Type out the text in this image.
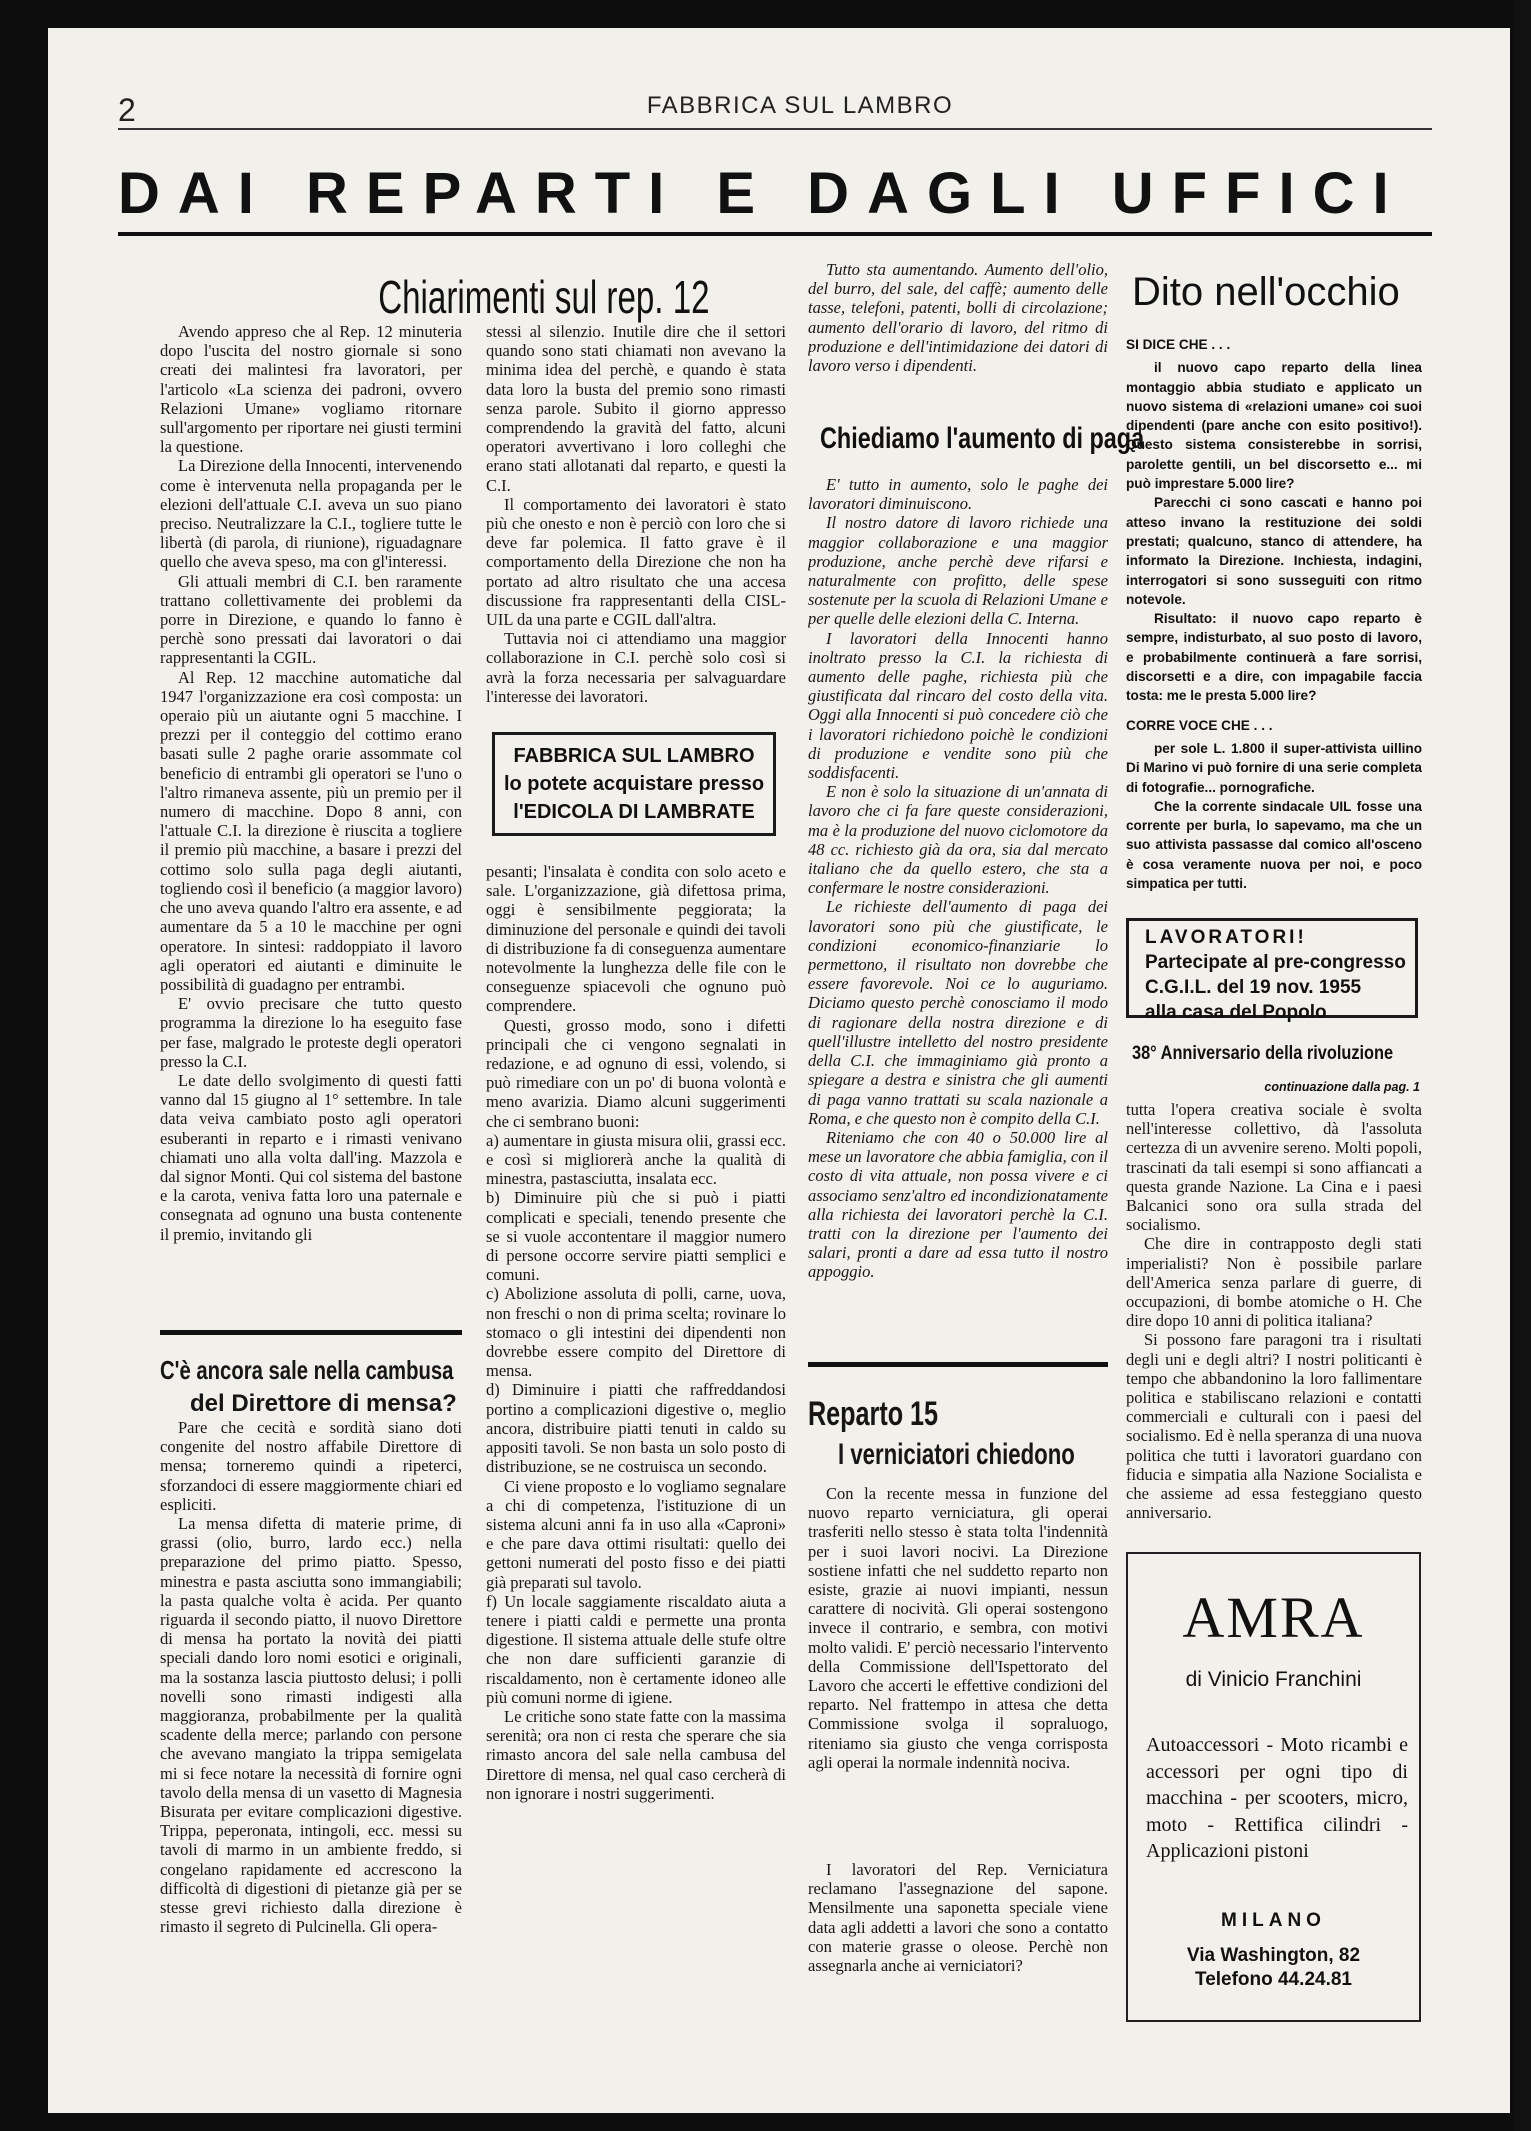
2	FABBRICA SUL LAMBRO
DAI REPARTI E DAGLI UFFICI
Chiarimenti sul rep. 12

Avendo appreso che al Rep. 12 minuteria dopo l'uscita del nostro giornale si sono creati dei malintesi fra lavoratori, per l'articolo «La scienza dei padroni, ovvero Relazioni Umane» vogliamo ritornare sull'argomento per riportare nei giusti termini la questione.

La Direzione della Innocenti, intervenendo come è intervenuta nella propaganda per le elezioni dell'attuale C.I. aveva un suo piano preciso. Neutralizzare la C.I., togliere tutte le libertà (di parola, di riunione), riguadagnare quello che aveva speso, ma con gl'interessi.

Gli attuali membri di C.I. ben raramente trattano collettivamente dei problemi da porre in Direzione, e quando lo fanno è perchè sono pressati dai lavoratori o dai rappresentanti la CGIL.

Al Rep. 12 macchine automatiche dal 1947 l'organizzazione era così composta: un operaio più un aiutante ogni 5 macchine. I prezzi per il conteggio del cottimo erano basati sulle 2 paghe orarie assommate col beneficio di entrambi gli operatori se l'uno o l'altro rimaneva assente, più un premio per il numero di macchine. Dopo 8 anni, con l'attuale C.I. la direzione è riuscita a togliere il premio più macchine, a basare i prezzi del cottimo solo sulla paga degli aiutanti, togliendo così il beneficio (a maggior lavoro) che uno aveva quando l'altro era assente, e ad aumentare da 5 a 10 le macchine per ogni operatore. In sintesi: raddoppiato il lavoro agli operatori ed aiutanti e diminuite le possibilità di guadagno per entrambi.

E' ovvio precisare che tutto questo programma la direzione lo ha eseguito fase per fase, malgrado le proteste degli operatori presso la C.I.

Le date dello svolgimento di questi fatti vanno dal 15 giugno al 1° settembre. In tale data veiva cambiato posto agli operatori esuberanti in reparto e i rimasti venivano chiamati uno alla volta dall'ing. Mazzola e dal signor Monti. Qui col sistema del bastone e la carota, veniva fatta loro una paternale e consegnata ad ognuno una busta contenente il premio, invitando gli

stessi al silenzio. Inutile dire che il settori quando sono stati chiamati non avevano la minima idea del perchè, e quando è stata data loro la busta del premio sono rimasti senza parole. Subito il giorno appresso comprendendo la gravità del fatto, alcuni operatori avvertivano i loro colleghi che erano stati allotanati dal reparto, e questi la C.I.

Il comportamento dei lavoratori è stato più che onesto e non è perciò con loro che si deve far polemica. Il fatto grave è il comportamento della Direzione che non ha portato ad altro risultato che una accesa discussione fra rappresentanti della CISL-UIL da una parte e CGIL dall'altra.

Tuttavia noi ci attendiamo una maggior collaborazione in C.I. perchè solo così si avrà la forza necessaria per salvaguardare l'interesse dei lavoratori.

FABBRICA SUL LAMBRO
lo potete acquistare presso
l'EDICOLA DI LAMBRATE
C'è ancora sale nella cambusa
del Direttore di mensa?

Pare che cecità e sordità siano doti congenite del nostro affabile Direttore di mensa; torneremo quindi a ripeterci, sforzandoci di essere maggiormente chiari ed espliciti.

La mensa difetta di materie prime, di grassi (olio, burro, lardo ecc.) nella preparazione del primo piatto. Spesso, minestra e pasta asciutta sono immangiabili; la pasta qualche volta è acida. Per quanto riguarda il secondo piatto, il nuovo Direttore di mensa ha portato la novità dei piatti speciali dando loro nomi esotici e originali, ma la sostanza lascia piuttosto delusi; i polli novelli sono rimasti indigesti alla maggioranza, probabilmente per la qualità scadente della merce; parlando con persone che avevano mangiato la trippa semigelata mi si fece notare la necessità di fornire ogni tavolo della mensa di un vasetto di Magnesia Bisurata per evitare complicazioni digestive. Trippa, peperonata, intingoli, ecc. messi su tavoli di marmo in un ambiente freddo, si congelano rapidamente ed accrescono la difficoltà di digestioni di pietanze già per se stesse grevi richiesto dalla direzione è rimasto il segreto di Pulcinella. Gli opera-

pesanti; l'insalata è condita con solo aceto e sale. L'organizzazione, già difettosa prima, oggi è sensibilmente peggiorata; la diminuzione del personale e quindi dei tavoli di distribuzione fa di conseguenza aumentare notevolmente la lunghezza delle file con le conseguenze spiacevoli che ognuno può comprendere.

Questi, grosso modo, sono i difetti principali che ci vengono segnalati in redazione, e ad ognuno di essi, volendo, si può rimediare con un po' di buona volontà e meno avarizia. Diamo alcuni suggerimenti che ci sembrano buoni:

a) aumentare in giusta misura olii, grassi ecc. e così si migliorerà anche la qualità di minestra, pastasciutta, insalata ecc.

b) Diminuire più che si può i piatti complicati e speciali, tenendo presente che se si vuole accontentare il maggior numero di persone occorre servire piatti semplici e comuni.

c) Abolizione assoluta di polli, carne, uova, non freschi o non di prima scelta; rovinare lo stomaco o gli intestini dei dipendenti non dovrebbe essere compito del Direttore di mensa.

d) Diminuire i piatti che raffreddandosi portino a complicazioni digestive o, meglio ancora, distribuire piatti tenuti in caldo su appositi tavoli. Se non basta un solo posto di distribuzione, se ne costruisca un secondo.

Ci viene proposto e lo vogliamo segnalare a chi di competenza, l'istituzione di un sistema alcuni anni fa in uso alla «Caproni» e che pare dava ottimi risultati: quello dei gettoni numerati del posto fisso e dei piatti già preparati sul tavolo.

f) Un locale saggiamente riscaldato aiuta a tenere i piatti caldi e permette una pronta digestione. Il sistema attuale delle stufe oltre che non dare sufficienti garanzie di riscaldamento, non è certamente idoneo alle più comuni norme di igiene.

Le critiche sono state fatte con la massima serenità; ora non ci resta che sperare che sia rimasto ancora del sale nella cambusa del Direttore di mensa, nel qual caso cercherà di non ignorare i nostri suggerimenti.

Tutto sta aumentando. Aumento dell'olio, del burro, del sale, del caffè; aumento delle tasse, telefoni, patenti, bolli di circolazione; aumento dell'orario di lavoro, del ritmo di produzione e dell'intimidazione dei datori di lavoro verso i dipendenti.

Chiediamo l'aumento di paga

E' tutto in aumento, solo le paghe dei lavoratori diminuiscono.

Il nostro datore di lavoro richiede una maggior collaborazione e una maggior produzione, anche perchè deve rifarsi e naturalmente con profitto, delle spese sostenute per la scuola di Relazioni Umane e per quelle delle elezioni della C. Interna.

I lavoratori della Innocenti hanno inoltrato presso la C.I. la richiesta di aumento delle paghe, richiesta più che giustificata dal rincaro del costo della vita. Oggi alla Innocenti si può concedere ciò che i lavoratori richiedono poichè le condizioni di produzione e vendite sono più che soddisfacenti.

E non è solo la situazione di un'annata di lavoro che ci fa fare queste considerazioni, ma è la produzione del nuovo ciclomotore da 48 cc. richiesto già da ora, sia dal mercato italiano che da quello estero, che sta a confermare le nostre considerazioni.

Le richieste dell'aumento di paga dei lavoratori sono più che giustificate, le condizioni economico-finanziarie lo permettono, il risultato non dovrebbe che essere favorevole. Noi ce lo auguriamo. Diciamo questo perchè conosciamo il modo di ragionare della nostra direzione e di quell'illustre intelletto del nostro presidente della C.I. che immaginiamo già pronto a spiegare a destra e sinistra che gli aumenti di paga vanno trattati su scala nazionale a Roma, e che questo non è compito della C.I.

Riteniamo che con 40 o 50.000 lire al mese un lavoratore che abbia famiglia, con il costo di vita attuale, non possa vivere e ci associamo senz'altro ed incondizionatamente alla richiesta dei lavoratori perchè la C.I. tratti con la direzione per l'aumento dei salari, pronti a dare ad essa tutto il nostro appoggio.

Reparto 15
I verniciatori chiedono

Con la recente messa in funzione del nuovo reparto verniciatura, gli operai trasferiti nello stesso è stata tolta l'indennità per i suoi lavori nocivi. La Direzione sostiene infatti che nel suddetto reparto non esiste, grazie ai nuovi impianti, nessun carattere di nocività. Gli operai sostengono invece il contrario, e sembra, con motivi molto validi. E' perciò necessario l'intervento della Commissione dell'Ispettorato del Lavoro che accerti le effettive condizioni del reparto. Nel frattempo in attesa che detta Commissione svolga il sopraluogo, riteniamo sia giusto che venga corrisposta agli operai la normale indennità nociva.

I lavoratori del Rep. Verniciatura reclamano l'assegnazione del sapone. Mensilmente una saponetta speciale viene data agli addetti a lavori che sono a contatto con materie grasse o oleose. Perchè non assegnarla anche ai verniciatori?

Dito nell'occhio

SI DICE CHE . . .

il nuovo capo reparto della linea montaggio abbia studiato e applicato un nuovo sistema di «relazioni umane» coi suoi dipendenti (pare anche con esito positivo!). Questo sistema consisterebbe in sorrisi, parolette gentili, un bel discorsetto e... mi può imprestare 5.000 lire?

Parecchi ci sono cascati e hanno poi atteso invano la restituzione dei soldi prestati; qualcuno, stanco di attendere, ha informato la Direzione. Inchiesta, indagini, interrogatori si sono susseguiti con ritmo notevole.

Risultato: il nuovo capo reparto è sempre, indisturbato, al suo posto di lavoro, e probabilmente continuerà a fare sorrisi, discorsetti e a dire, con impagabile faccia tosta: me le presta 5.000 lire?

CORRE VOCE CHE . . .

per sole L. 1.800 il super-attivista uillino Di Marino vi può fornire di una serie completa di fotografie... pornografiche.

Che la corrente sindacale UIL fosse una corrente per burla, lo sapevamo, ma che un suo attivista passasse dal comico all'osceno è cosa veramente nuova per noi, e poco simpatica per tutti.

LAVORATORI!
Partecipate al pre-congresso
C.G.I.L. del 19 nov. 1955
alla casa del Popolo
38° Anniversario della rivoluzione
continuazione dalla pag. 1

tutta l'opera creativa sociale è svolta nell'interesse collettivo, dà l'assoluta certezza di un avvenire sereno. Molti popoli, trascinati da tali esempi si sono affiancati a questa grande Nazione. La Cina e i paesi Balcanici sono ora sulla strada del socialismo.

Che dire in contrapposto degli stati imperialisti? Non è possibile parlare dell'America senza parlare di guerre, di occupazioni, di bombe atomiche o H. Che dire dopo 10 anni di politica italiana?

Si possono fare paragoni tra i risultati degli uni e degli altri? I nostri politicanti è tempo che abbandonino la loro fallimentare politica e stabiliscano relazioni e contatti commerciali e culturali con i paesi del socialismo. Ed è nella speranza di una nuova politica che tutti i lavoratori guardano con fiducia e simpatia alla Nazione Socialista e che assieme ad essa festeggiano questo anniversario.

AMRA
di Vinicio Franchini
Autoaccessori - Moto ricambi e accessori per ogni tipo di macchina - per scooters, micro, moto - Rettifica cilindri - Applicazioni pistoni
MILANO
Via Washington, 82
Telefono 44.24.81
